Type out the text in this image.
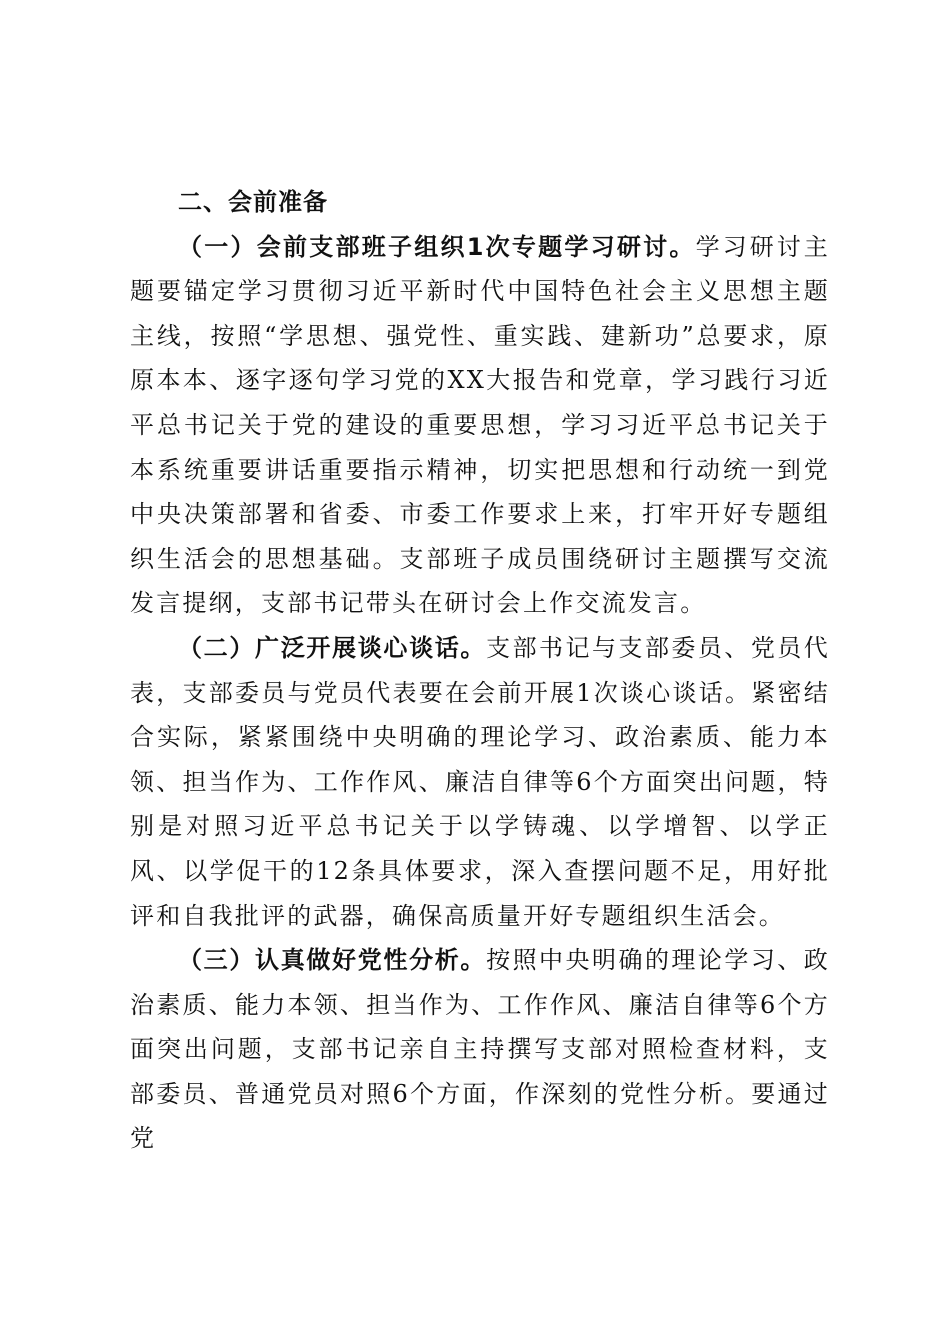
二、会前准备

（一）会前支部班子组织1次专题学习研讨。学习研讨主题要锚定学习贯彻习近平新时代中国特色社会主义思想主题主线，按照“学思想、强党性、重实践、建新功”总要求，原原本本、逐字逐句学习党的XX大报告和党章，学习践行习近平总书记关于党的建设的重要思想，学习习近平总书记关于本系统重要讲话重要指示精神，切实把思想和行动统一到党中央决策部署和省委、市委工作要求上来，打牢开好专题组织生活会的思想基础。支部班子成员围绕研讨主题撰写交流发言提纲，支部书记带头在研讨会上作交流发言。

（二）广泛开展谈心谈话。支部书记与支部委员、党员代表，支部委员与党员代表要在会前开展1次谈心谈话。紧密结合实际，紧紧围绕中央明确的理论学习、政治素质、能力本领、担当作为、工作作风、廉洁自律等6个方面突出问题，特别是对照习近平总书记关于以学铸魂、以学增智、以学正风、以学促干的12条具体要求，深入查摆问题不足，用好批评和自我批评的武器，确保高质量开好专题组织生活会。

（三）认真做好党性分析。按照中央明确的理论学习、政治素质、能力本领、担当作为、工作作风、廉洁自律等6个方面突出问题，支部书记亲自主持撰写支部对照检查材料，支部委员、普通党员对照6个方面，作深刻的党性分析。要通过党
